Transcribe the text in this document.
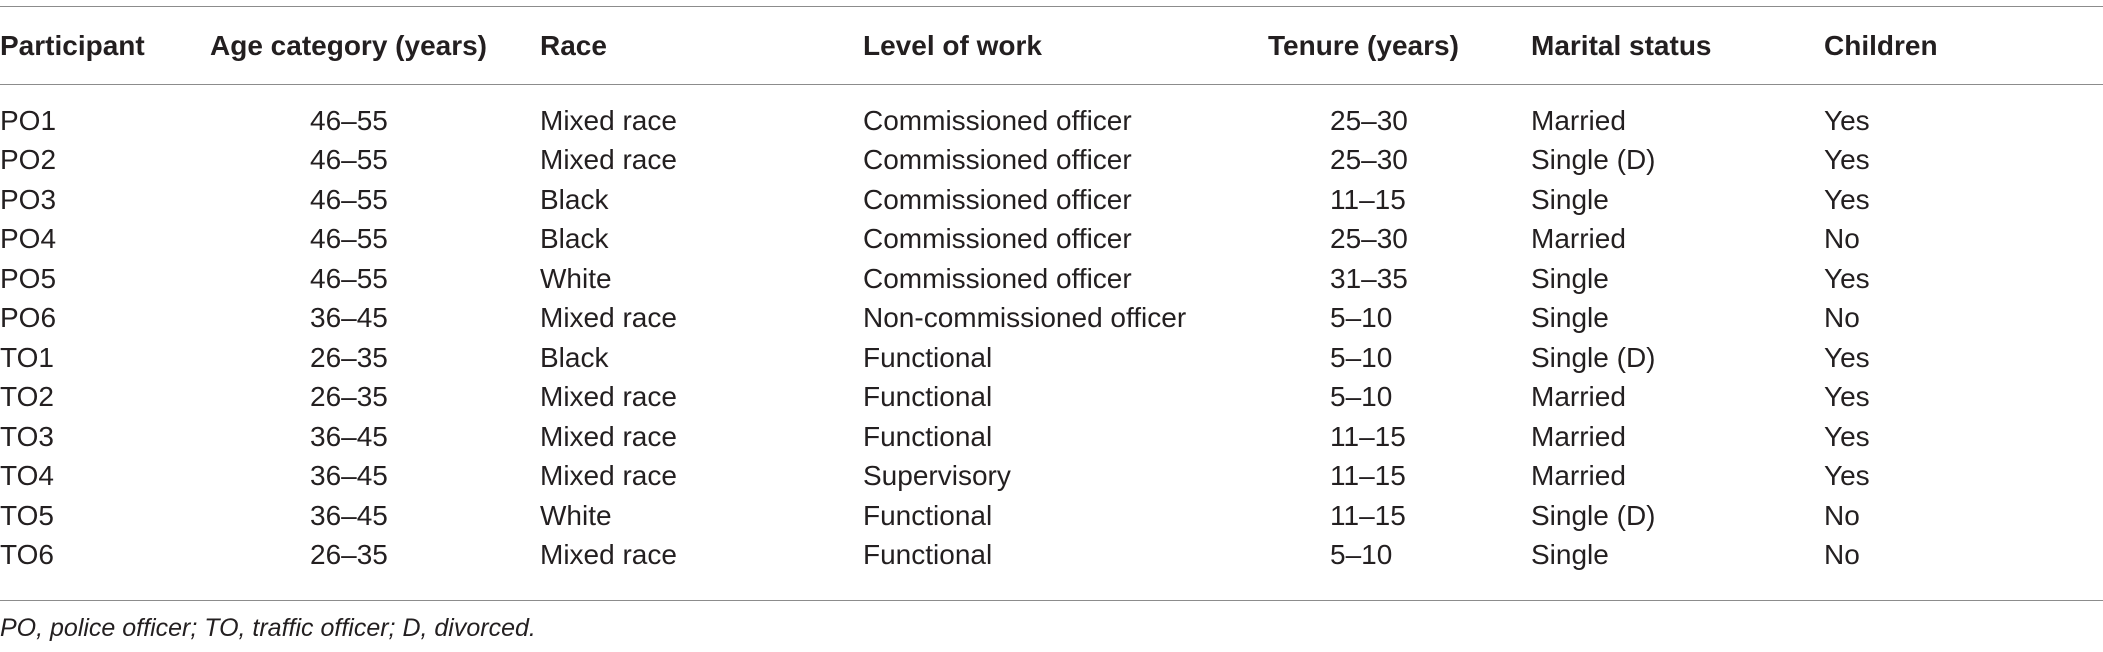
Participant	Age category (years)	Race	Level of work	Tenure (years)	Marital status	Children
PO1	46–55	Mixed race	Commissioned officer	25–30	Married	Yes
PO2	46–55	Mixed race	Commissioned officer	25–30	Single (D)	Yes
PO3	46–55	Black	Commissioned officer	11–15	Single	Yes
PO4	46–55	Black	Commissioned officer	25–30	Married	No
PO5	46–55	White	Commissioned officer	31–35	Single	Yes
PO6	36–45	Mixed race	Non-commissioned officer	5–10	Single	No
TO1	26–35	Black	Functional	5–10	Single (D)	Yes
TO2	26–35	Mixed race	Functional	5–10	Married	Yes
TO3	36–45	Mixed race	Functional	11–15	Married	Yes
TO4	36–45	Mixed race	Supervisory	11–15	Married	Yes
TO5	36–45	White	Functional	11–15	Single (D)	No
TO6	26–35	Mixed race	Functional	5–10	Single	No
PO, police officer; TO, traffic officer; D, divorced.
